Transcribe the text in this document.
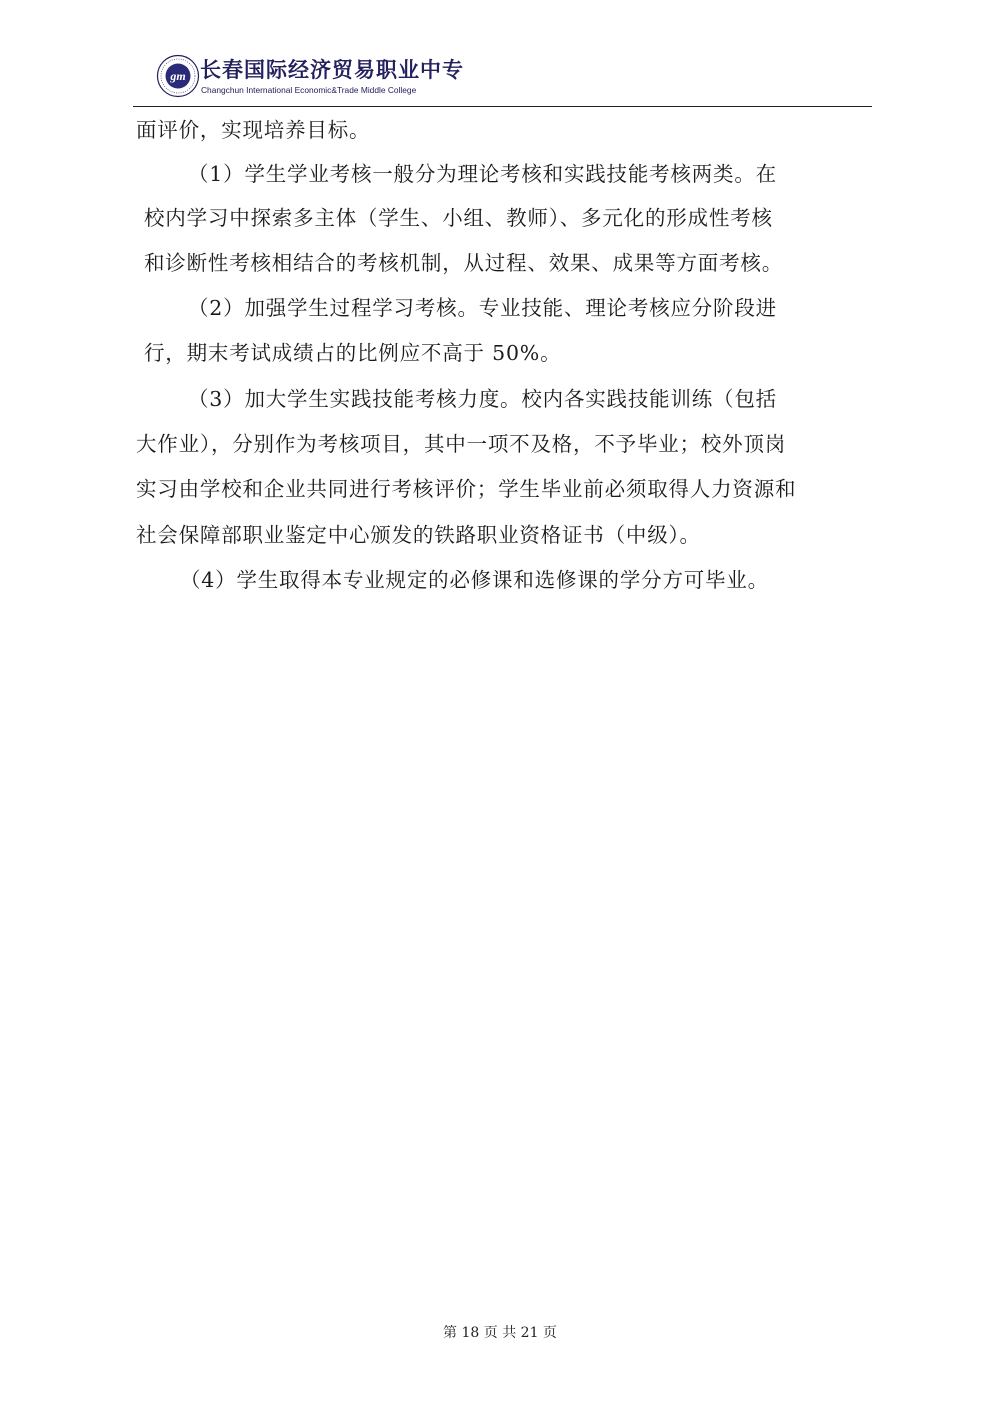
gm 长春国际经济贸易职业中专
Changchun International Economic&Trade Middle College
面评价，实现培养目标。
（1）学生学业考核一般分为理论考核和实践技能考核两类。在
校内学习中探索多主体（学生、小组、教师）、多元化的形成性考核
和诊断性考核相结合的考核机制，从过程、效果、成果等方面考核。
（2）加强学生过程学习考核。专业技能、理论考核应分阶段进
行，期末考试成绩占的比例应不高于 50%。
（3）加大学生实践技能考核力度。校内各实践技能训练（包括
大作业），分别作为考核项目，其中一项不及格，不予毕业；校外顶岗
实习由学校和企业共同进行考核评价；学生毕业前必须取得人力资源和
社会保障部职业鉴定中心颁发的铁路职业资格证书（中级）。
（4）学生取得本专业规定的必修课和选修课的学分方可毕业。
第 18 页 共 21 页
